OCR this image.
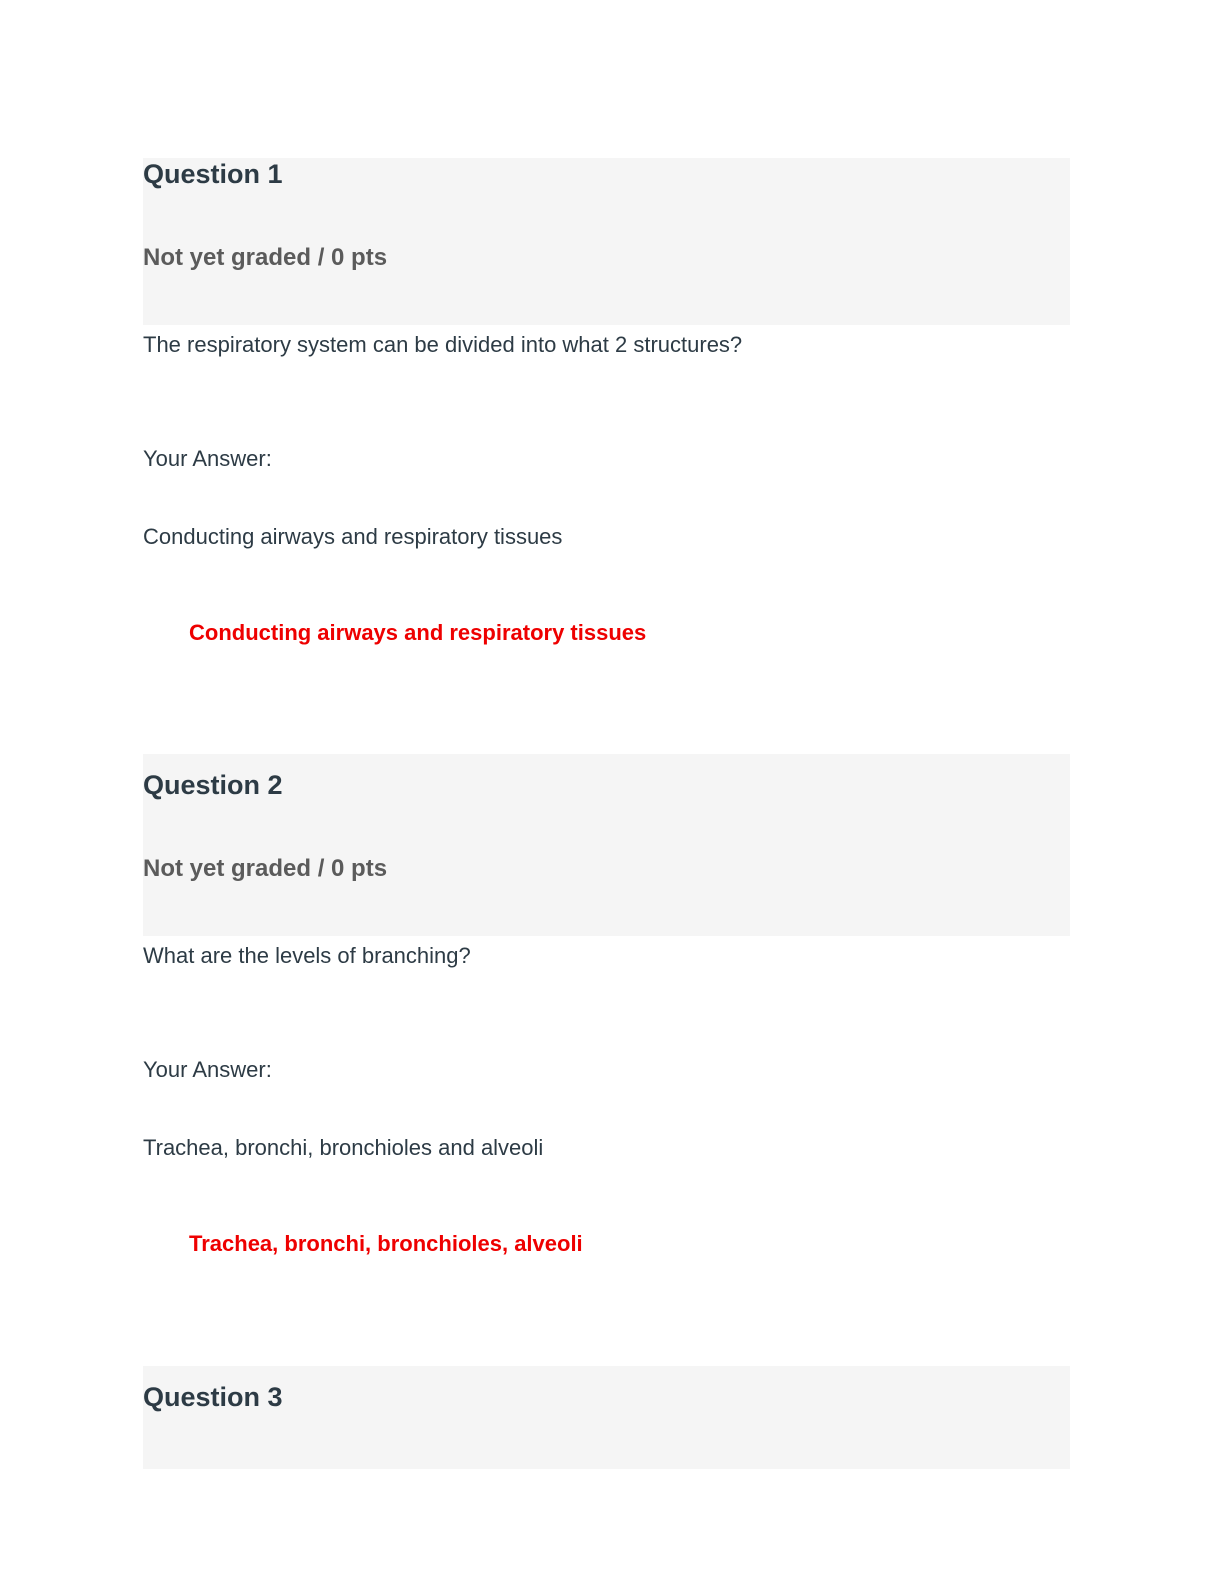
Question 1
Not yet graded / 0 pts
The respiratory system can be divided into what 2 structures?
Your Answer:
Conducting airways and respiratory tissues
Conducting airways and respiratory tissues
Question 2
Not yet graded / 0 pts
What are the levels of branching?
Your Answer:
Trachea, bronchi, bronchioles and alveoli
Trachea, bronchi, bronchioles, alveoli
Question 3
